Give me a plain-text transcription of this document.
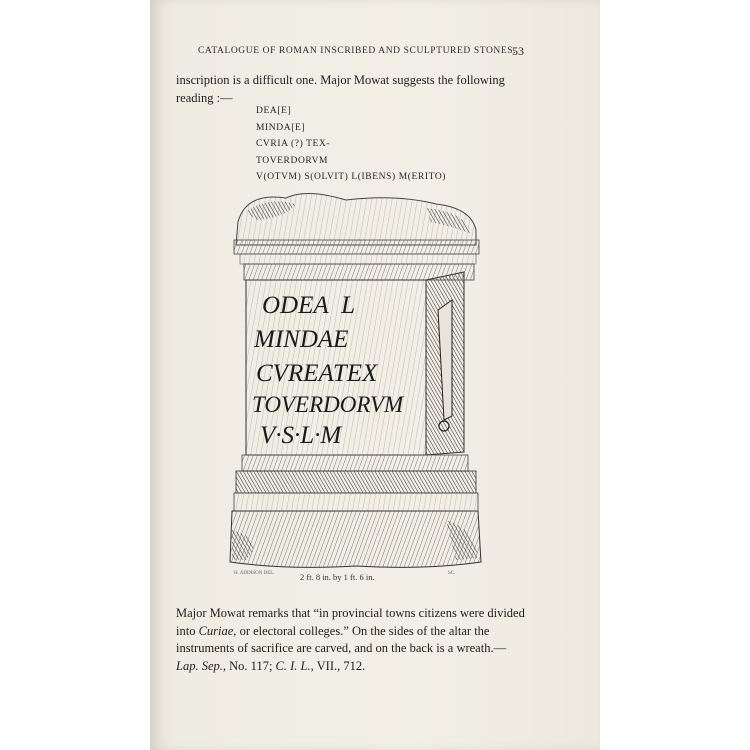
CATALOGUE OF ROMAN INSCRIBED AND SCULPTURED STONES.
53
inscription is a difficult one. Major Mowat suggests the following
reading :—
DEA[E]
MINDA[E]
CVRIA (?) TEX-
TOVERDORVM
V(OTVM) S(OLVIT) L(IBENS) M(ERITO)
ODEA  L
MINDAE
CVREATEX
TOVERDORVM
V·S·L·M
H. ADDISON DEL.	2 ft. 8 in. by 1 ft. 6 in.	SC.
Major Mowat remarks that “in provincial towns citizens were divided
into Curiae, or electoral colleges.” On the sides of the altar the
instruments of sacrifice are carved, and on the back is a wreath.—
Lap. Sep., No. 117; C. I. L., VII., 712.
